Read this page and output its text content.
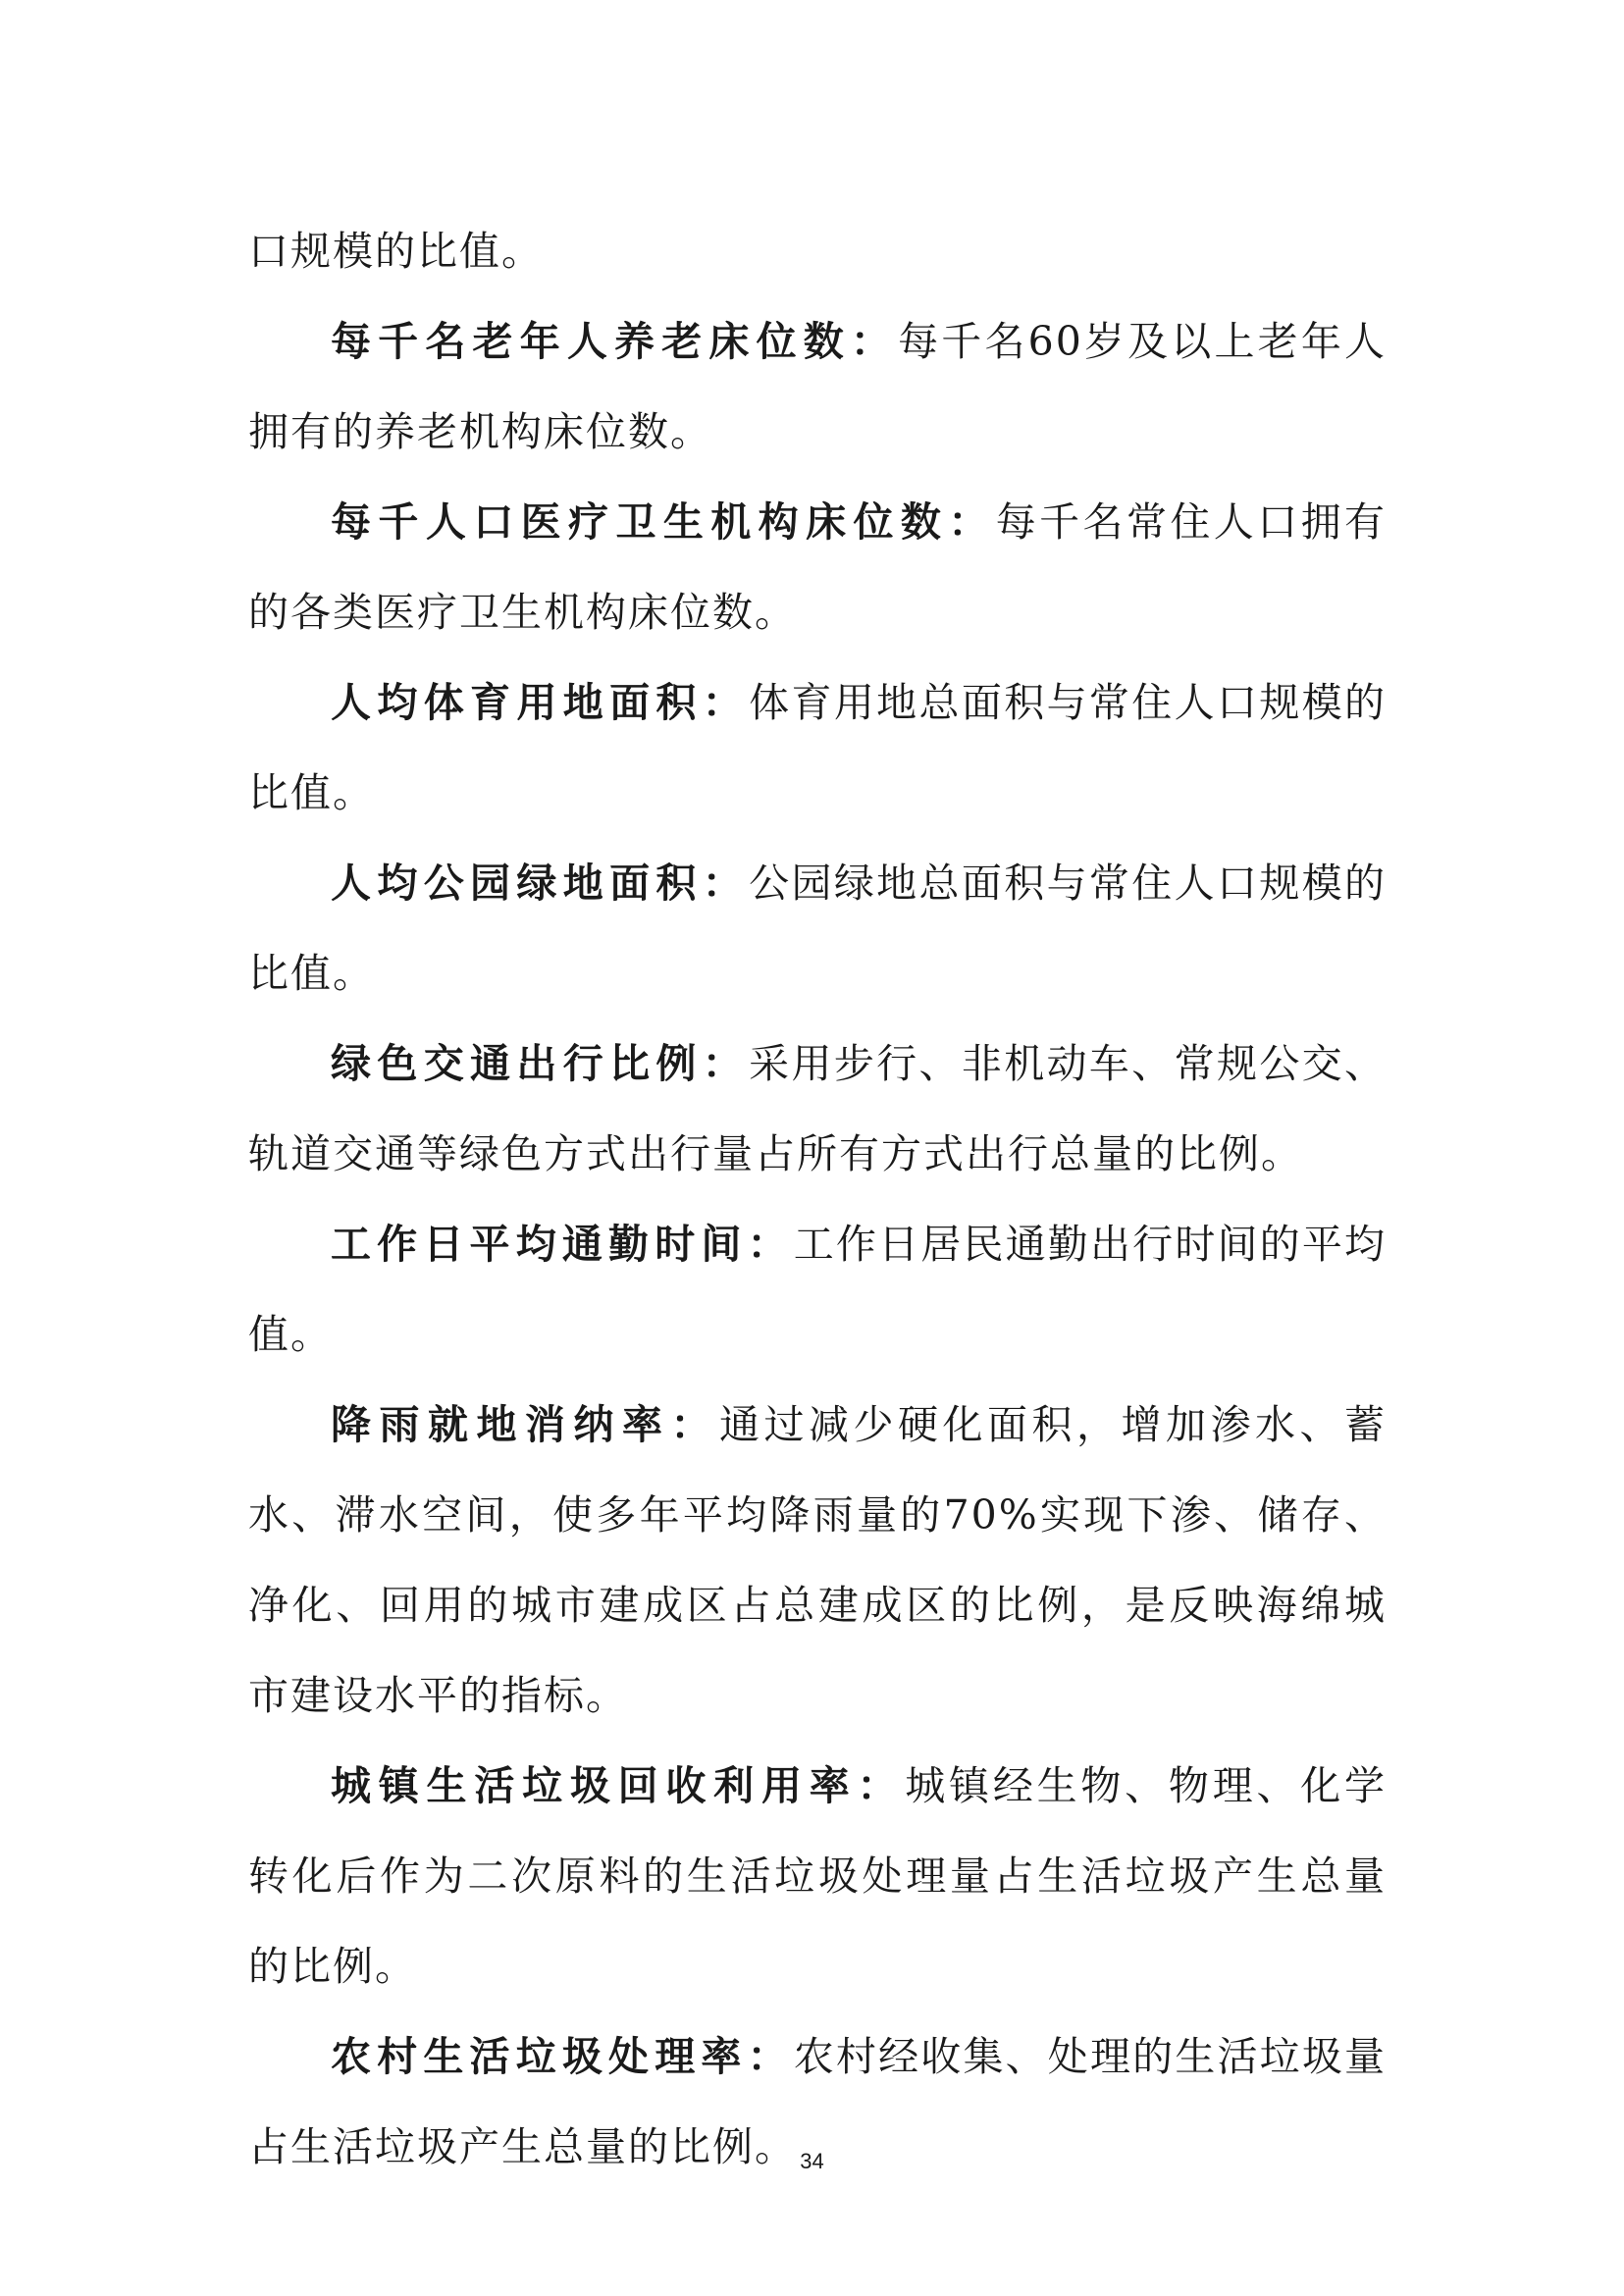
口规模的比值。

每千名老年人养老床位数：每千名60岁及以上老年人拥有的养老机构床位数。

每千人口医疗卫生机构床位数：每千名常住人口拥有的各类医疗卫生机构床位数。

人均体育用地面积：体育用地总面积与常住人口规模的比值。

人均公园绿地面积：公园绿地总面积与常住人口规模的比值。

绿色交通出行比例：采用步行、非机动车、常规公交、轨道交通等绿色方式出行量占所有方式出行总量的比例。

工作日平均通勤时间：工作日居民通勤出行时间的平均值。

降雨就地消纳率：通过减少硬化面积，增加渗水、蓄水、滞水空间，使多年平均降雨量的70%实现下渗、储存、净化、回用的城市建成区占总建成区的比例，是反映海绵城市建设水平的指标。

城镇生活垃圾回收利用率：城镇经生物、物理、化学转化后作为二次原料的生活垃圾处理量占生活垃圾产生总量的比例。

农村生活垃圾处理率：农村经收集、处理的生活垃圾量占生活垃圾产生总量的比例。 34
